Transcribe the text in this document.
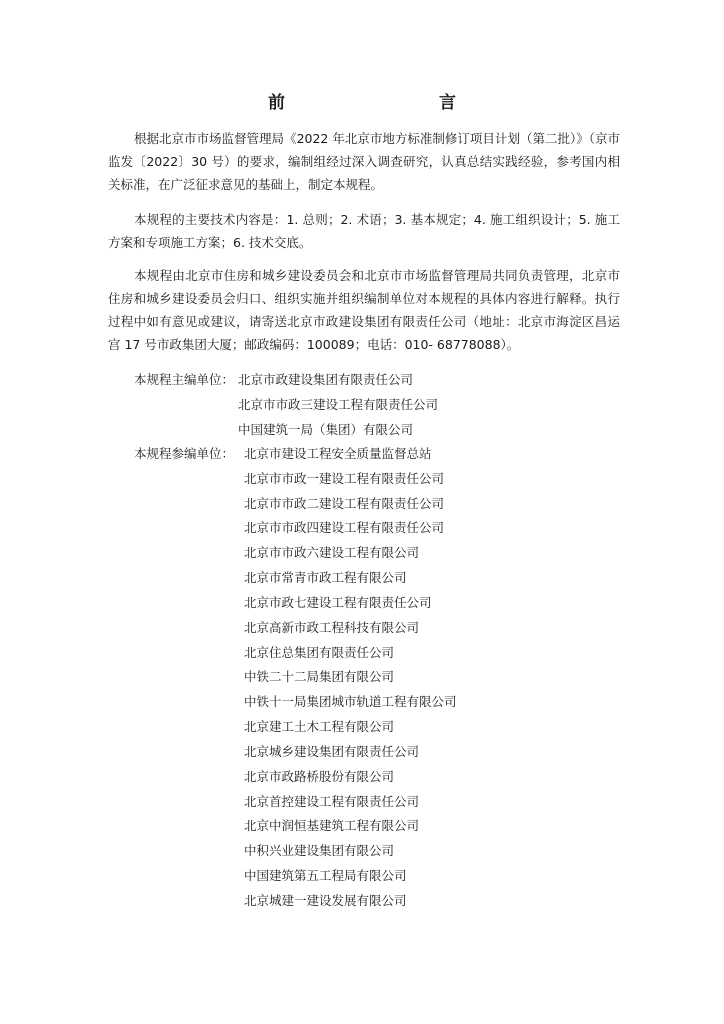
前　　言

根据北京市市场监督管理局《2022 年北京市地方标准制修订项目计划（第二批）》（京市监发〔2022〕30 号）的要求，编制组经过深入调查研究，认真总结实践经验，参考国内相关标准，在广泛征求意见的基础上，制定本规程。

本规程的主要技术内容是：1. 总则；2. 术语；3. 基本规定；4. 施工组织设计；5. 施工方案和专项施工方案；6. 技术交底。

本规程由北京市住房和城乡建设委员会和北京市市场监督管理局共同负责管理，北京市住房和城乡建设委员会归口、组织实施并组织编制单位对本规程的具体内容进行解释。执行过程中如有意见或建议，请寄送北京市政建设集团有限责任公司（地址：北京市海淀区昌运宫 17 号市政集团大厦；邮政编码：100089；电话：010- 68778088）。

本规程主编单位： 北京市政建设集团有限责任公司
北京市市政三建设工程有限责任公司
中国建筑一局（集团）有限公司
本规程参编单位： 北京市建设工程安全质量监督总站
北京市市政一建设工程有限责任公司
北京市市政二建设工程有限责任公司
北京市市政四建设工程有限责任公司
北京市市政六建设工程有限公司
北京市常青市政工程有限公司
北京市政七建设工程有限责任公司
北京高新市政工程科技有限公司
北京住总集团有限责任公司
中铁二十二局集团有限公司
中铁十一局集团城市轨道工程有限公司
北京建工土木工程有限公司
北京城乡建设集团有限责任公司
北京市政路桥股份有限公司
北京首控建设工程有限责任公司
北京中润恒基建筑工程有限公司
中积兴业建设集团有限公司
中国建筑第五工程局有限公司
北京城建一建设发展有限公司
